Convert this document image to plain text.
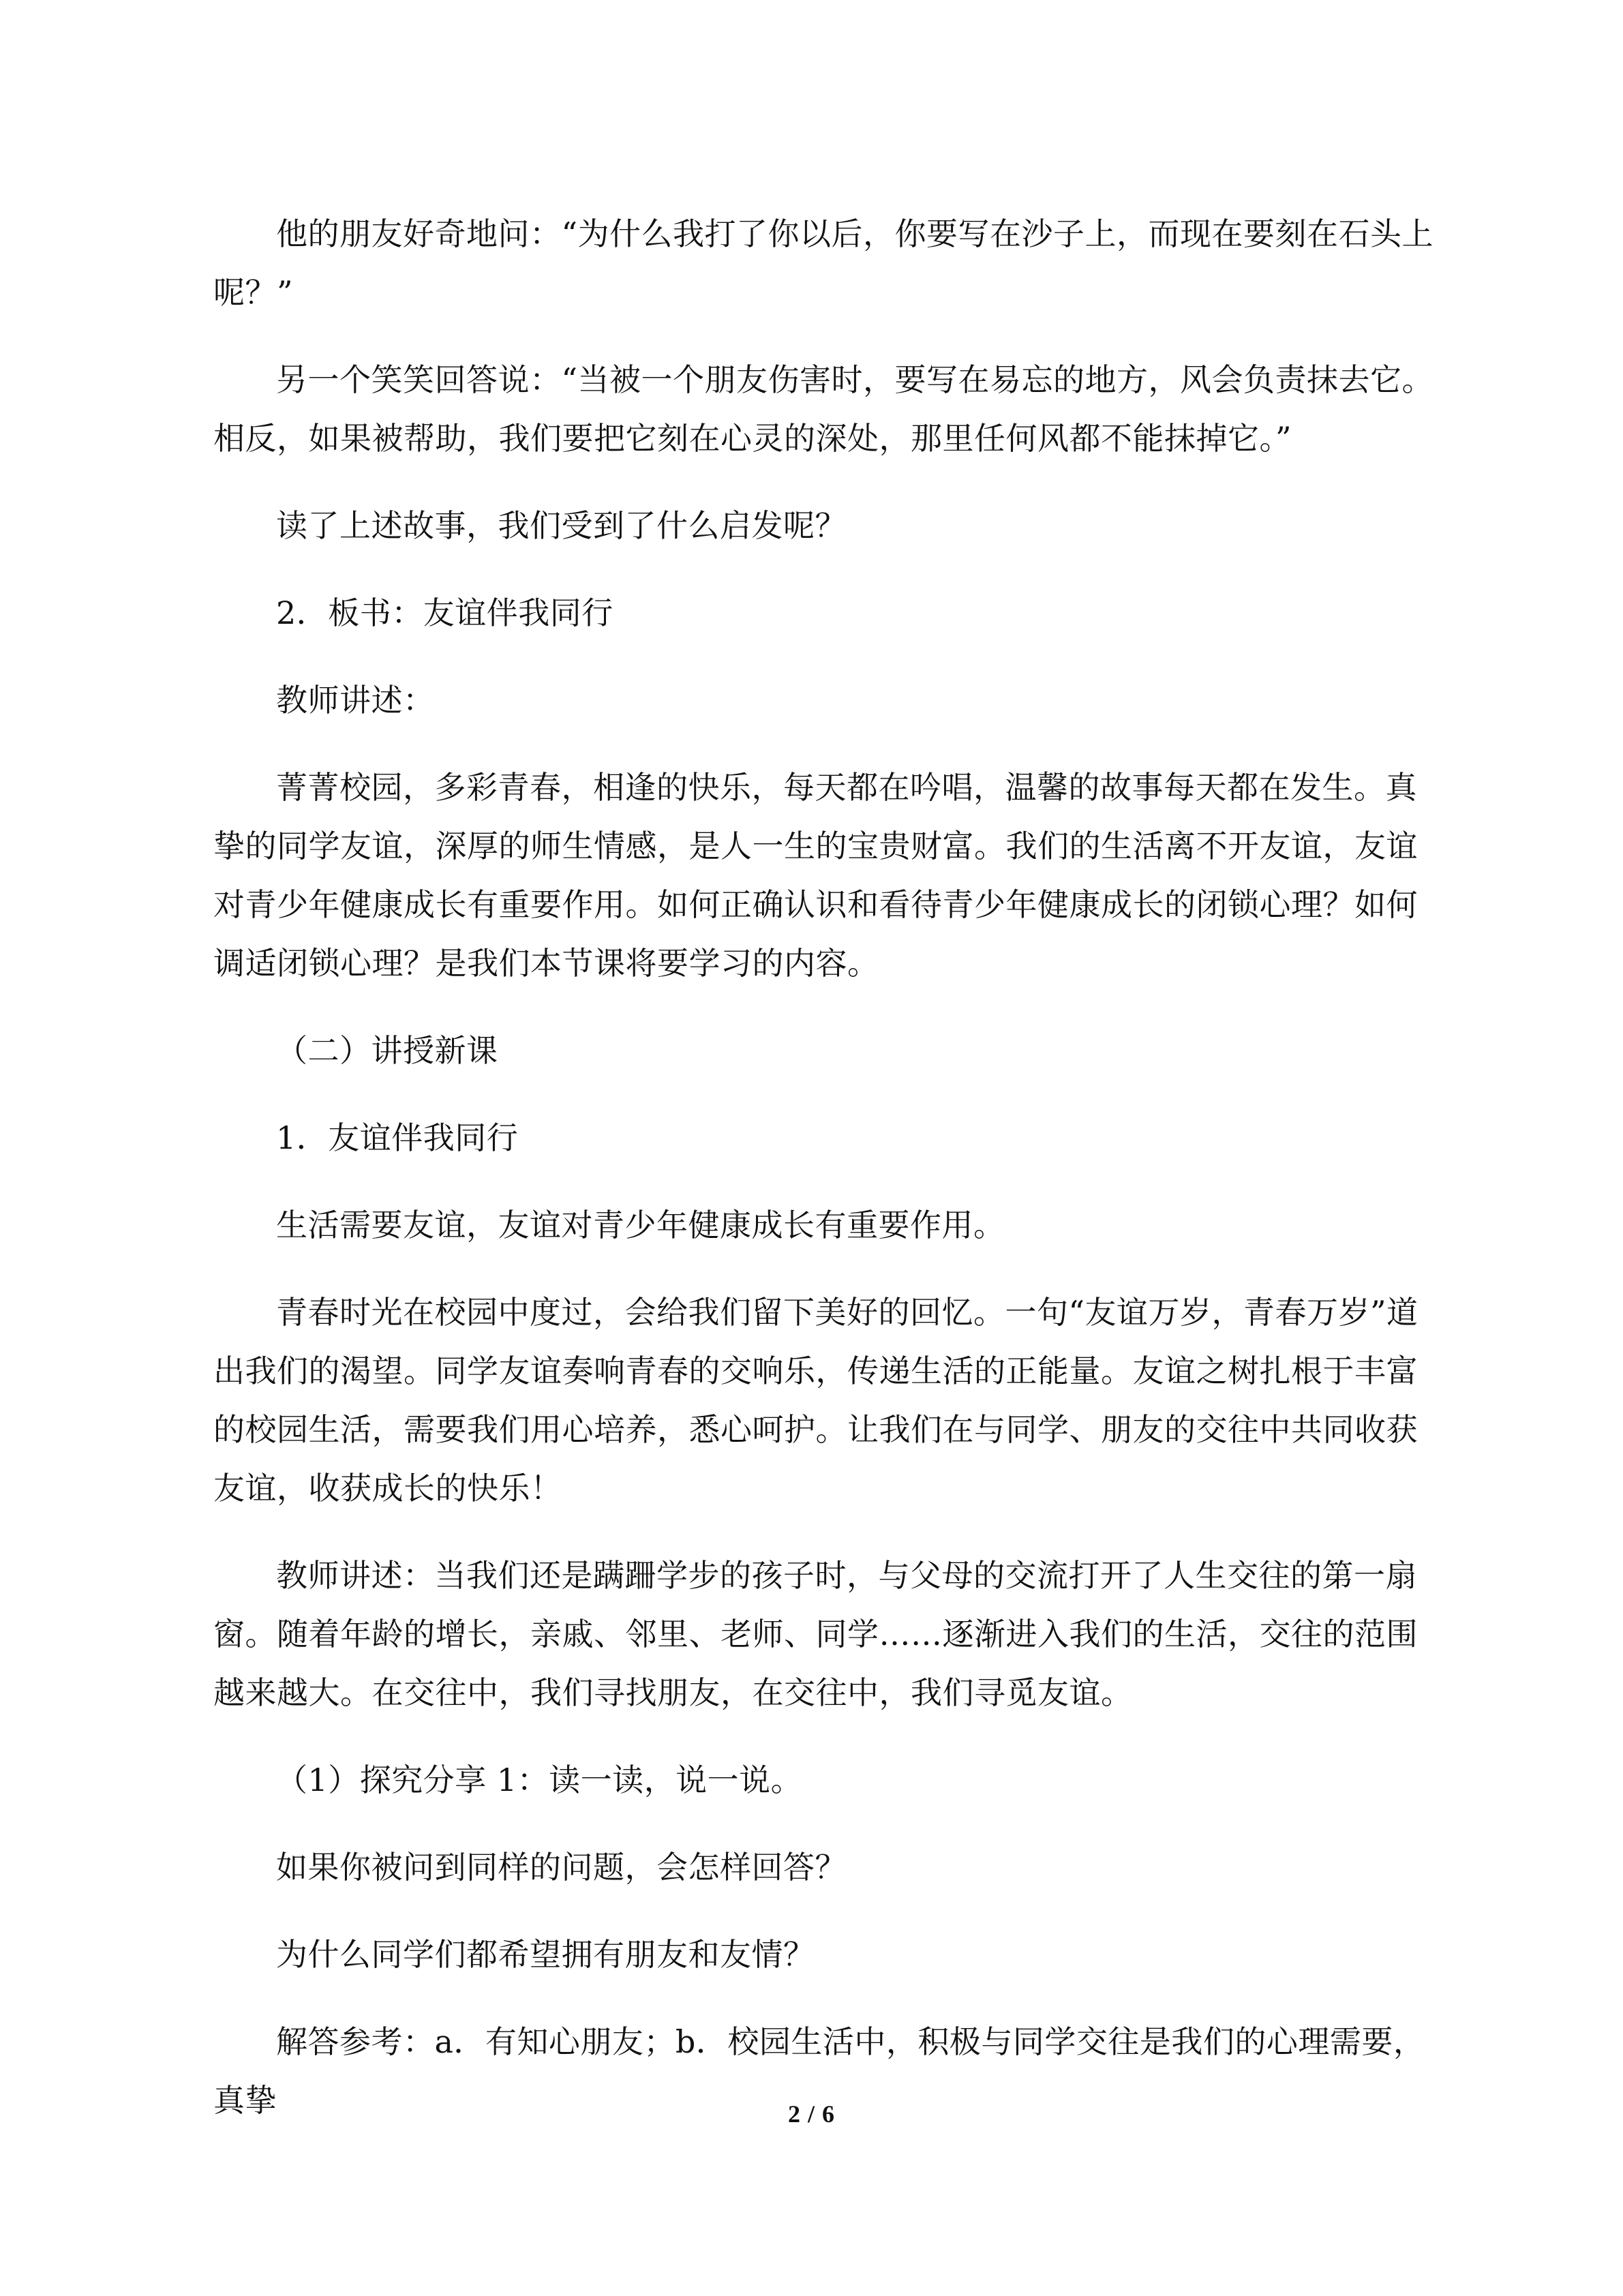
他的朋友好奇地问：“为什么我打了你以后，你要写在沙子上，而现在要刻在石头上呢？”

另一个笑笑回答说：“当被一个朋友伤害时，要写在易忘的地方，风会负责抹去它。相反，如果被帮助，我们要把它刻在心灵的深处，那里任何风都不能抹掉它。”

读了上述故事，我们受到了什么启发呢？

2．板书：友谊伴我同行

教师讲述：

菁菁校园，多彩青春，相逢的快乐，每天都在吟唱，温馨的故事每天都在发生。真挚的同学友谊，深厚的师生情感，是人一生的宝贵财富。我们的生活离不开友谊，友谊对青少年健康成长有重要作用。如何正确认识和看待青少年健康成长的闭锁心理？如何调适闭锁心理？是我们本节课将要学习的内容。

（二）讲授新课

1．友谊伴我同行

生活需要友谊，友谊对青少年健康成长有重要作用。

青春时光在校园中度过，会给我们留下美好的回忆。一句“友谊万岁，青春万岁”道出我们的渴望。同学友谊奏响青春的交响乐，传递生活的正能量。友谊之树扎根于丰富的校园生活，需要我们用心培养，悉心呵护。让我们在与同学、朋友的交往中共同收获友谊，收获成长的快乐！

教师讲述：当我们还是蹒跚学步的孩子时，与父母的交流打开了人生交往的第一扇窗。随着年龄的增长，亲戚、邻里、老师、同学……逐渐进入我们的生活，交往的范围越来越大。在交往中，我们寻找朋友，在交往中，我们寻觅友谊。

（1）探究分享 1：读一读，说一说。

如果你被问到同样的问题，会怎样回答？

为什么同学们都希望拥有朋友和友情？

解答参考：a．有知心朋友；b．校园生活中，积极与同学交往是我们的心理需要，真挚	2 / 6
